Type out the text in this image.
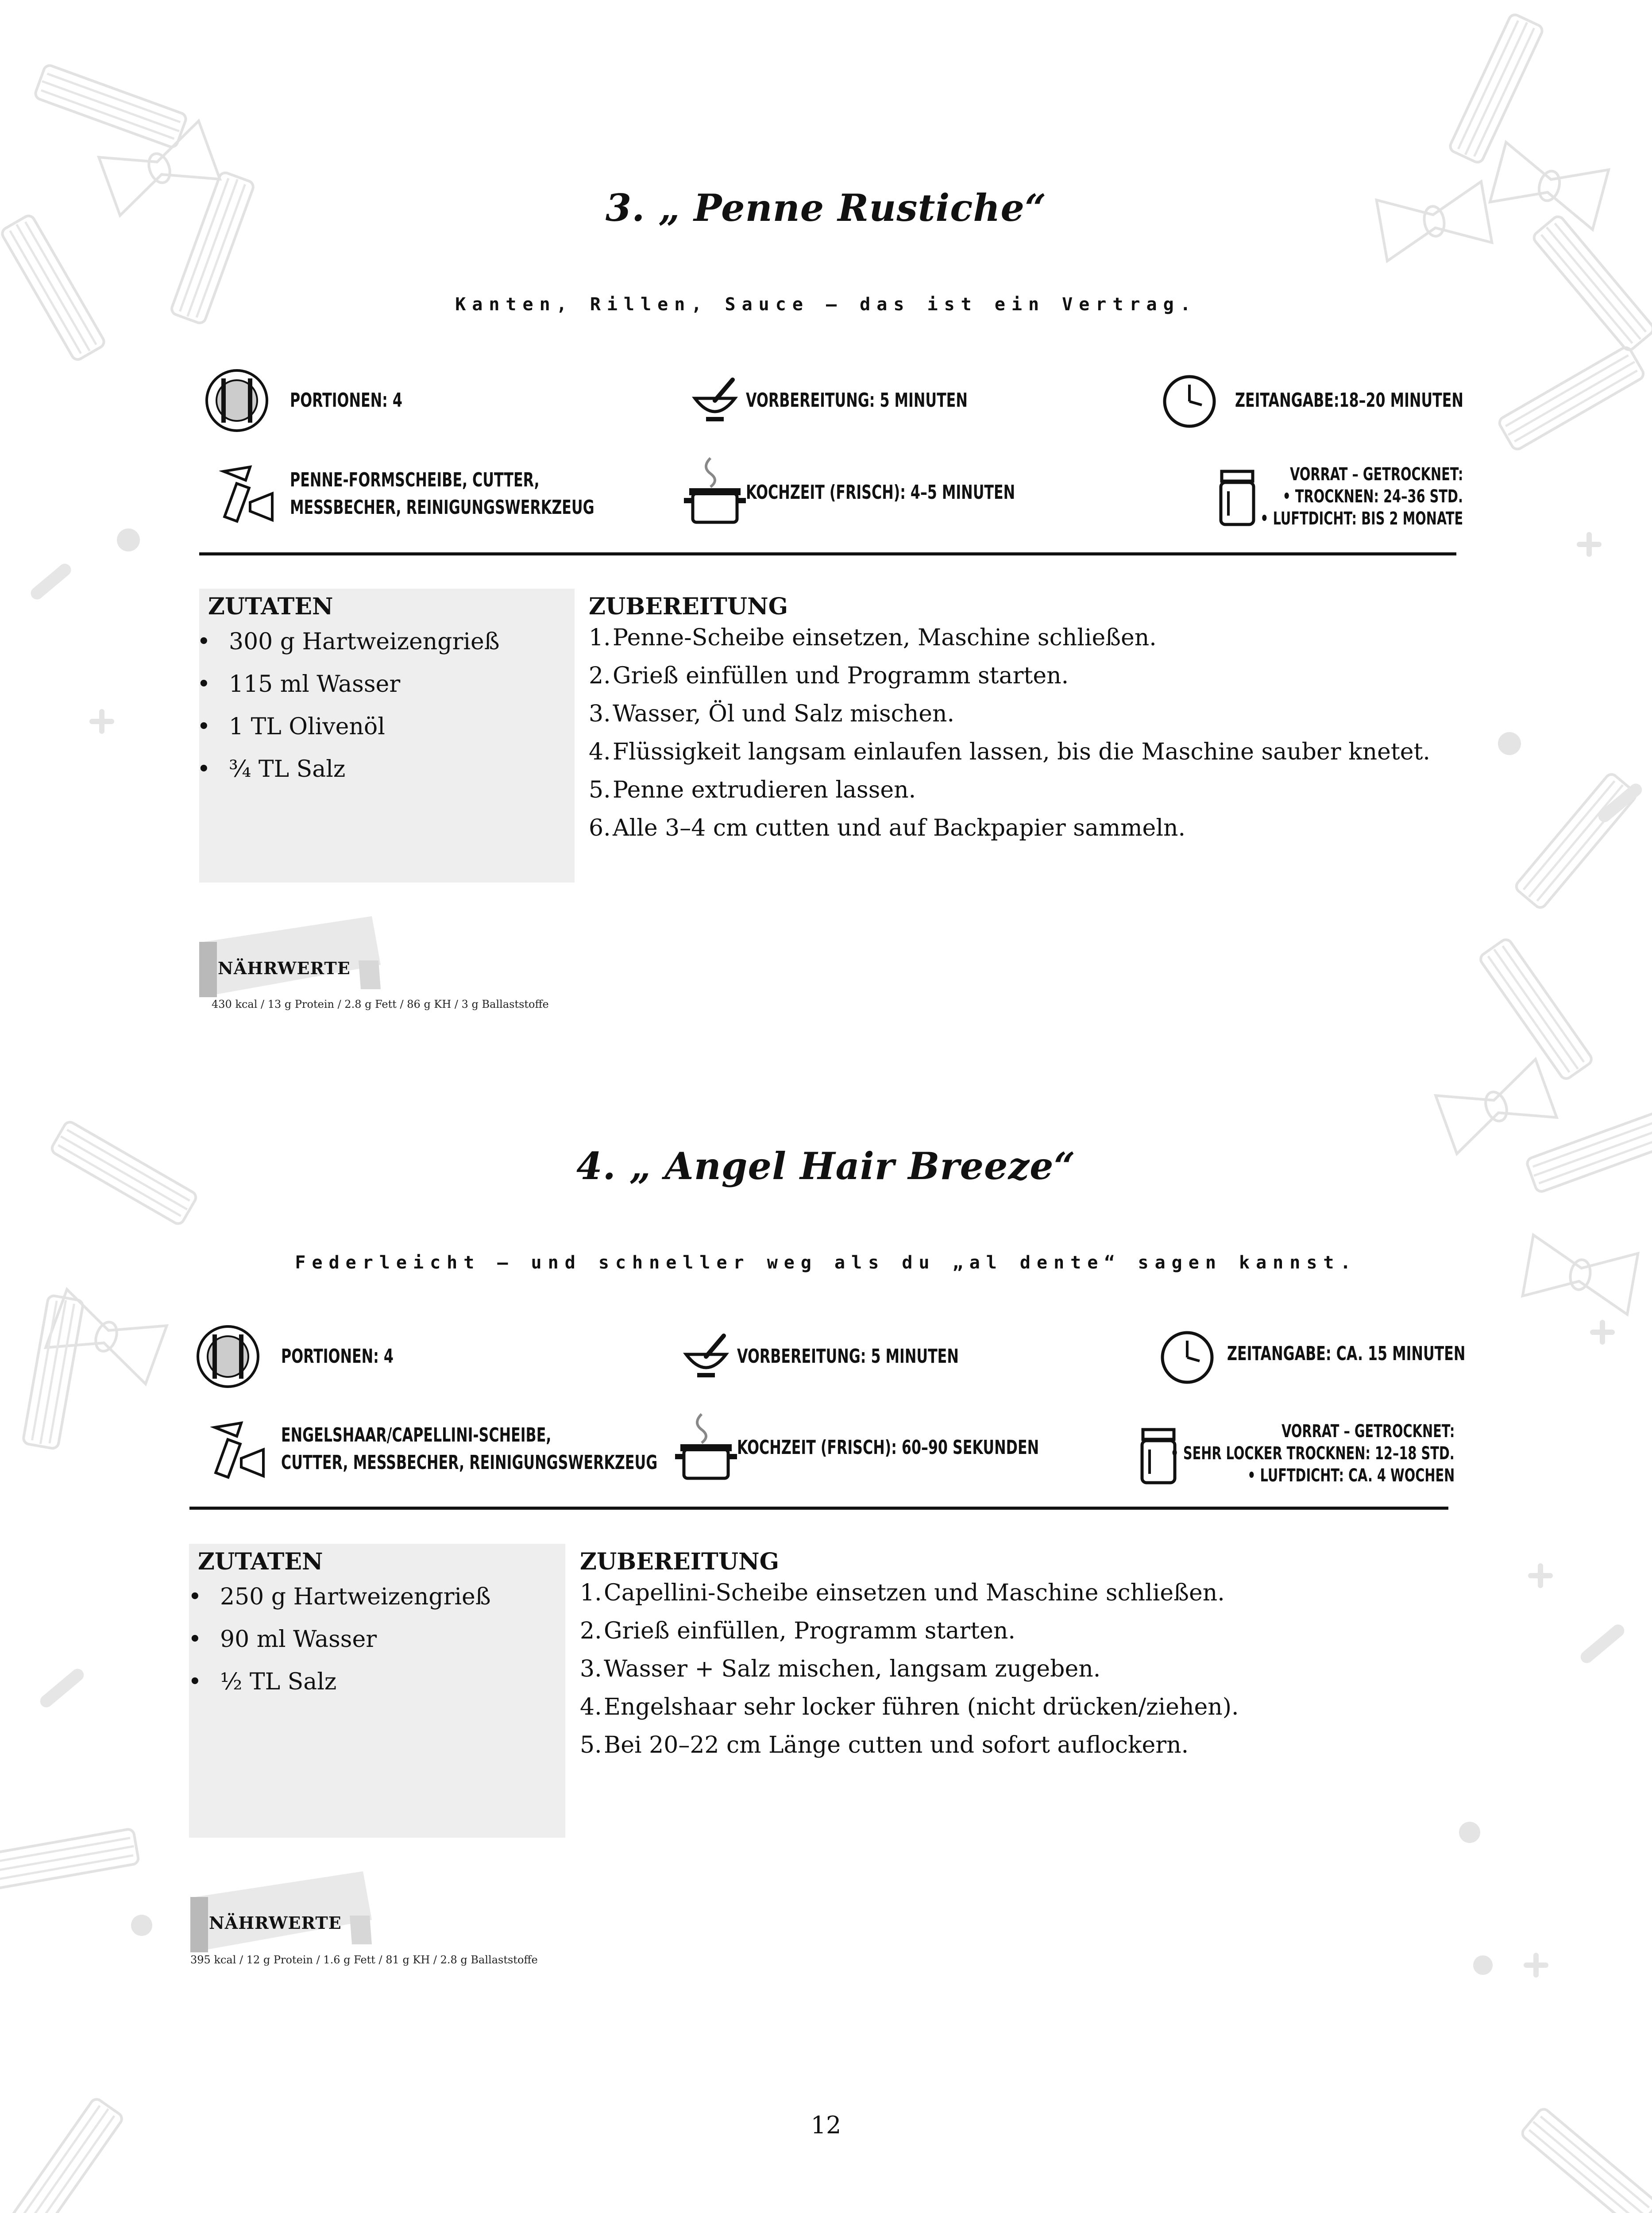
3. „ Penne Rustiche“
Kanten, Rillen, Sauce – das ist ein Vertrag.
PORTIONEN: 4	VORBEREITUNG: 5 MINUTEN	ZEITANGABE:18–20 MINUTEN
PENNE-FORMSCHEIBE, CUTTER,
MESSBECHER, REINIGUNGSWERKZEUG
KOCHZEIT (FRISCH): 4–5 MINUTEN
VORRAT – GETROCKNET:
• TROCKNEN: 24–36 STD.
• LUFTDICHT: BIS 2 MONATE
ZUTATEN
• 300 g Hartweizengrieß
• 115 ml Wasser
• 1 TL Olivenöl
• ¾ TL Salz
ZUBEREITUNG
1.Penne-Scheibe einsetzen, Maschine schließen.
2.Grieß einfüllen und Programm starten.
3.Wasser, Öl und Salz mischen.
4.Flüssigkeit langsam einlaufen lassen, bis die Maschine sauber knetet.
5.Penne extrudieren lassen.
6.Alle 3–4 cm cutten und auf Backpapier sammeln.
NÄHRWERTE
430 kcal / 13 g Protein / 2.8 g Fett / 86 g KH / 3 g Ballaststoffe
4. „ Angel Hair Breeze“
Federleicht – und schneller weg als du „al dente“ sagen kannst.
PORTIONEN: 4	VORBEREITUNG: 5 MINUTEN	ZEITANGABE: CA. 15 MINUTEN
ENGELSHAAR/CAPELLINI-SCHEIBE,
CUTTER, MESSBECHER, REINIGUNGSWERKZEUG
KOCHZEIT (FRISCH): 60–90 SEKUNDEN
VORRAT – GETROCKNET:
• SEHR LOCKER TROCKNEN: 12–18 STD.
• LUFTDICHT: CA. 4 WOCHEN
ZUTATEN
• 250 g Hartweizengrieß
• 90 ml Wasser
• ½ TL Salz
ZUBEREITUNG
1.Capellini-Scheibe einsetzen und Maschine schließen.
2.Grieß einfüllen, Programm starten.
3.Wasser + Salz mischen, langsam zugeben.
4.Engelshaar sehr locker führen (nicht drücken/ziehen).
5.Bei 20–22 cm Länge cutten und sofort auflockern.
NÄHRWERTE
395 kcal / 12 g Protein / 1.6 g Fett / 81 g KH / 2.8 g Ballaststoffe
12
